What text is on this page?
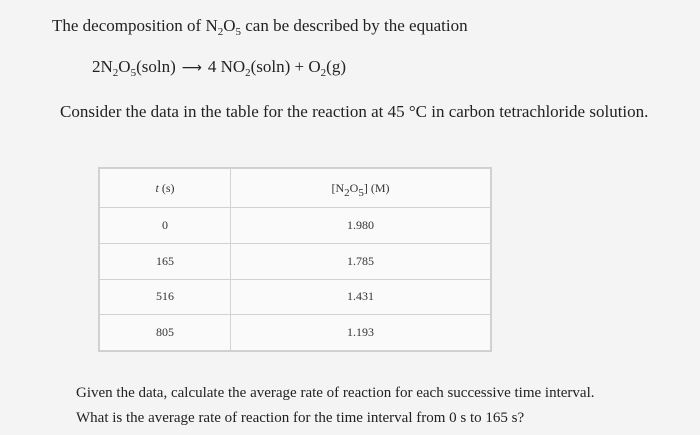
The decomposition of $N_2O_5$ can be described by the equation
$2N_2O_5(soln)$ ⟶ 4 $NO_2(soln) + O_2(g)$
Consider the data in the table for the reaction at 45 °C in carbon tetrachloride solution.
t (s)	$[N_2O_5]$ (M)
0	1.980
165	1.785
516	1.431
805	1.193
Given the data, calculate the average rate of reaction for each successive time interval.
What is the average rate of reaction for the time interval from 0 s to 165 s?
